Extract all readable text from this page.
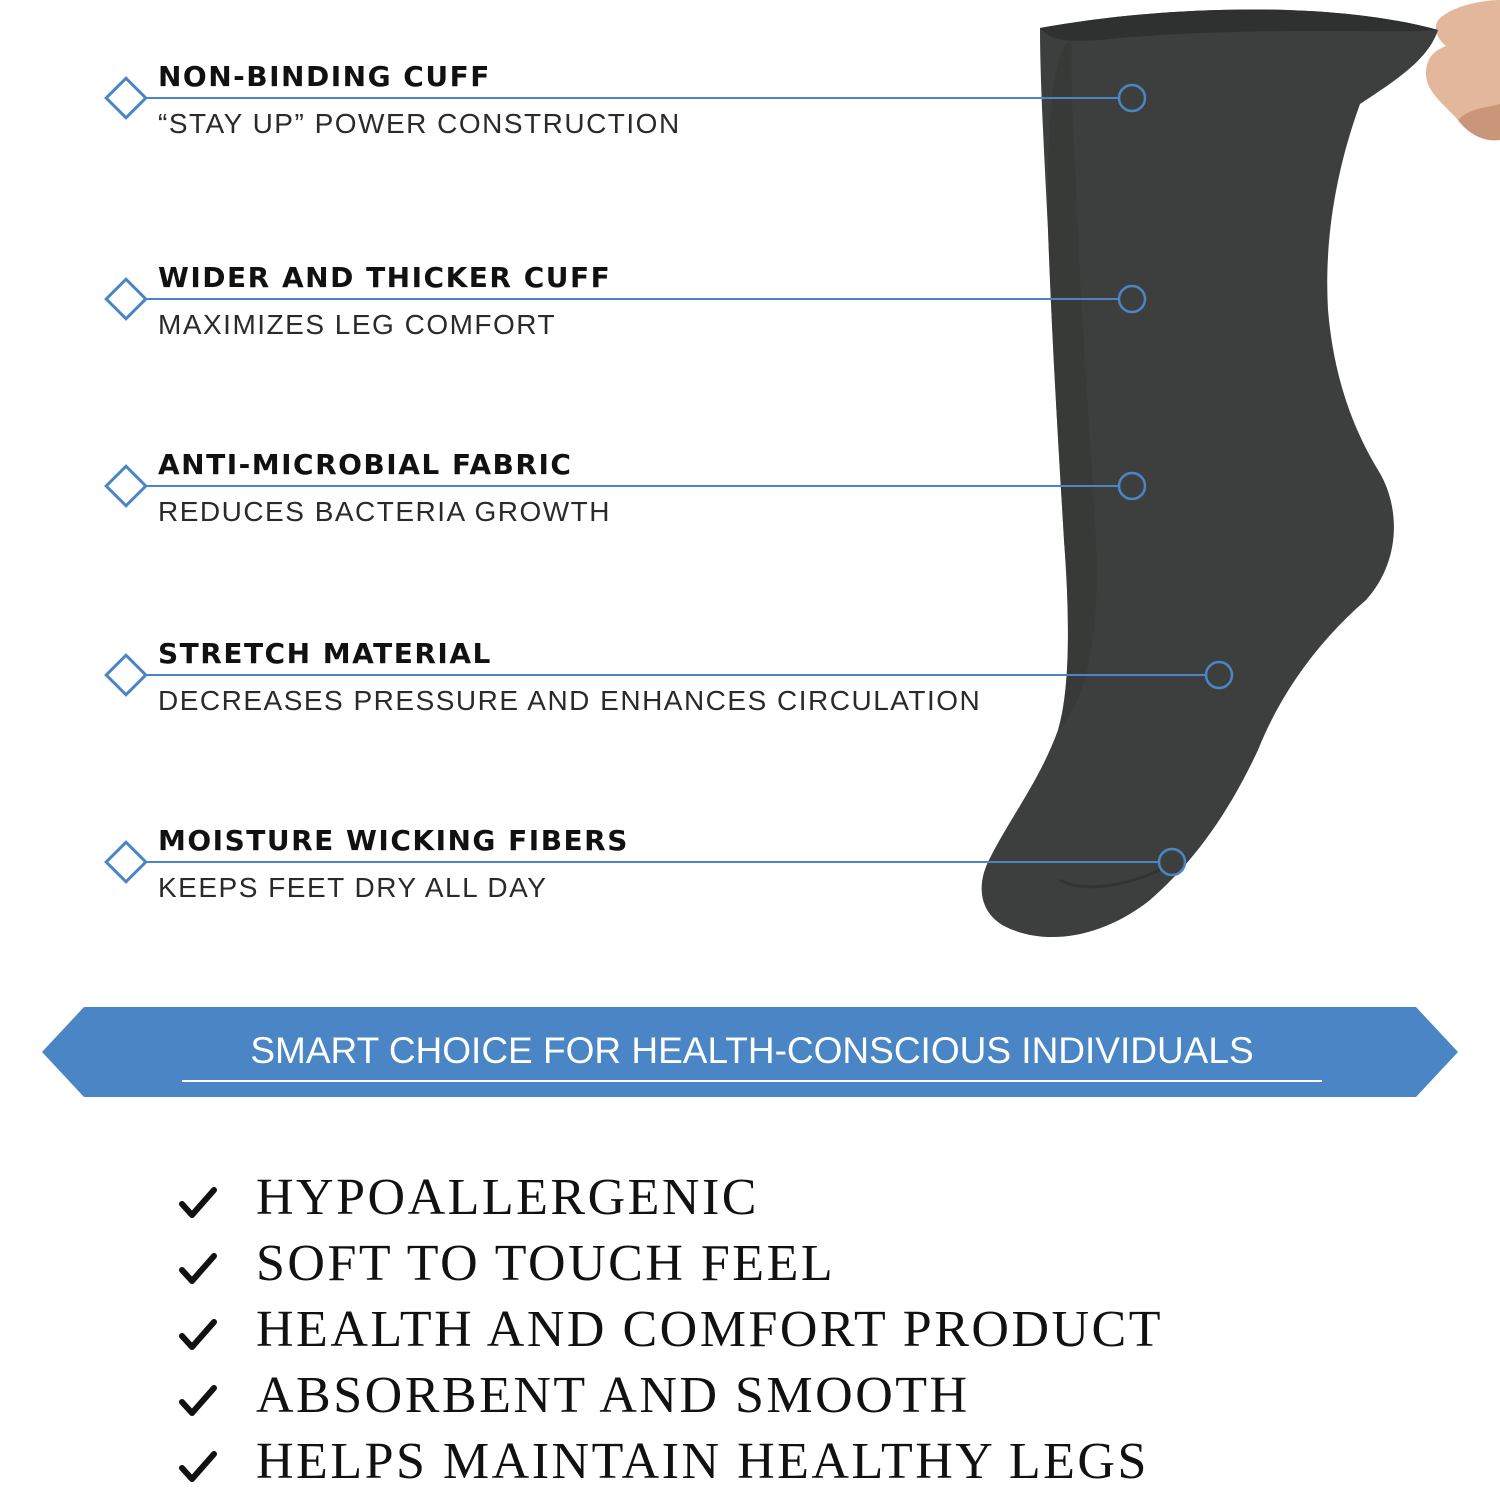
NON-BINDING CUFF
“STAY UP” POWER CONSTRUCTION
WIDER AND THICKER CUFF
MAXIMIZES LEG COMFORT
ANTI-MICROBIAL FABRIC
REDUCES BACTERIA GROWTH
STRETCH MATERIAL
DECREASES PRESSURE AND ENHANCES CIRCULATION
MOISTURE WICKING FIBERS
KEEPS FEET DRY ALL DAY
SMART CHOICE FOR HEALTH-CONSCIOUS INDIVIDUALS
HYPOALLERGENIC
SOFT TO TOUCH FEEL
HEALTH AND COMFORT PRODUCT
ABSORBENT AND SMOOTH
HELPS MAINTAIN HEALTHY LEGS
